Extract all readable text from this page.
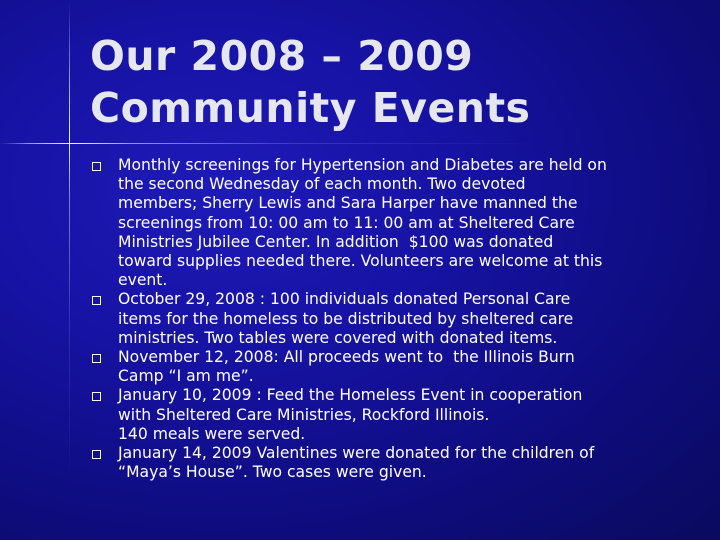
Our 2008 – 2009
Community Events
Monthly screenings for Hypertension and Diabetes are held on
the second Wednesday of each month. Two devoted
members; Sherry Lewis and Sara Harper have manned the
screenings from 10: 00 am to 11: 00 am at Sheltered Care
Ministries Jubilee Center. In addition  $100 was donated
toward supplies needed there. Volunteers are welcome at this
event.
October 29, 2008 : 100 individuals donated Personal Care
items for the homeless to be distributed by sheltered care
ministries. Two tables were covered with donated items.
November 12, 2008: All proceeds went to  the Illinois Burn
Camp “I am me”.
January 10, 2009 : Feed the Homeless Event in cooperation
with Sheltered Care Ministries, Rockford Illinois.
140 meals were served.
January 14, 2009 Valentines were donated for the children of
“Maya’s House”. Two cases were given.
